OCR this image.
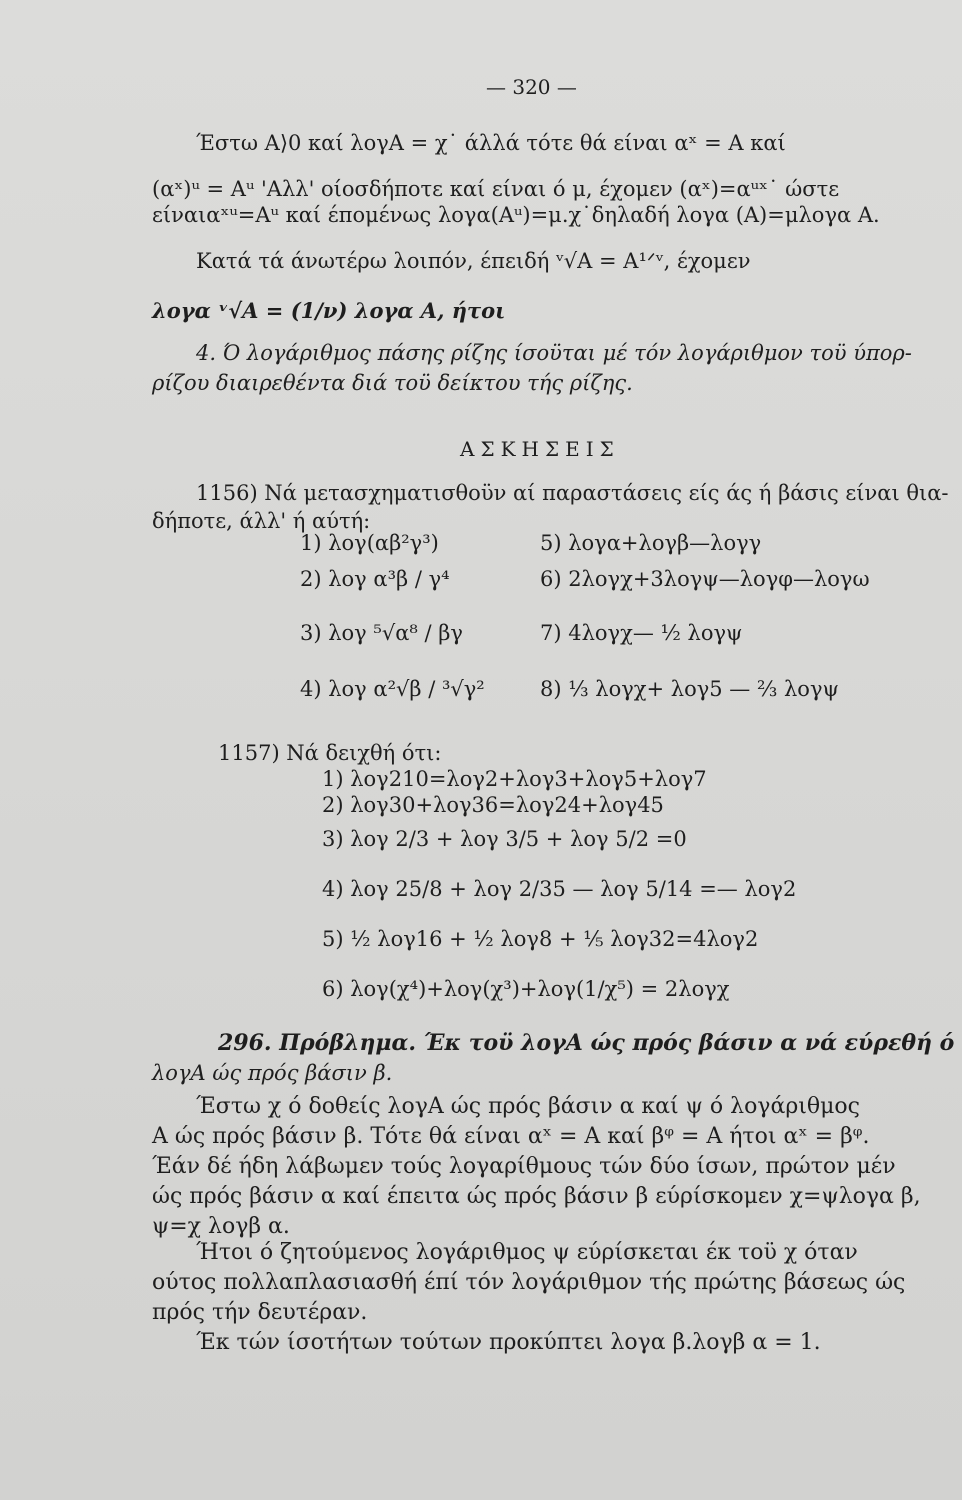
— 320 —
Έστω A⟩0 καί λογA = χ˙ άλλά τότε θά είναι αˣ = A καί
(αˣ)ᵘ = Aᵘ 'Αλλ' οίοσδήποτε καί είναι ό μ, έχομεν (αˣ)=αᵘˣ˙ ώστε
είναιαˣᵘ=Aᵘ καί έπομένως λογα(Aᵘ)=μ.χ˙δηλαδή λογα (A)=μλογα A.
Κατά τά άνωτέρω λοιπόν, έπειδή ᵛ√A = A¹ᐟᵛ, έχομεν
λογα ᵛ√A = (1/ν) λογα A, ήτοι
4. Ό λογάριθμος πάσης ρίζης ίσοϋται μέ τόν λογάριθμον τοϋ ύπορ-
ρίζου διαιρεθέντα διά τοϋ δείκτου τής ρίζης.
ΑΣΚΗΣΕΙΣ
1156) Νά μετασχηματισθοϋν αί παραστάσεις είς άς ή βάσις είναι θια-
δήποτε, άλλ' ή αύτή:
1) λογ(αβ²γ³)
2) λογ α³β / γ⁴
3) λογ ⁵√α⁸ / βγ
4) λογ α²√β / ³√γ²
5) λογα+λογβ—λογγ
6) 2λογχ+3λογψ—λογφ—λογω
7) 4λογχ— ½ λογψ
8) ⅓ λογχ+ λογ5 — ⅔ λογψ
1157) Νά δειχθή ότι:
1) λογ210=λογ2+λογ3+λογ5+λογ7
2) λογ30+λογ36=λογ24+λογ45
3) λογ 2/3 + λογ 3/5 + λογ 5/2 =0
4) λογ 25/8 + λογ 2/35 — λογ 5/14 =— λογ2
5) ½ λογ16 + ½ λογ8 + ⅕ λογ32=4λογ2
6) λογ(χ⁴)+λογ(χ³)+λογ(1/χ⁵) = 2λογχ
296. Πρόβλημα. Έκ τοϋ λογA ώς πρός βάσιν α νά εύρεθή ό
λογA ώς πρός βάσιν β.
Έστω χ ό δοθείς λογA ώς πρός βάσιν α καί ψ ό λογάριθμος
A ώς πρός βάσιν β. Τότε θά είναι αˣ = A καί βᵠ = A ήτοι αˣ = βᵠ.
Έάν δέ ήδη λάβωμεν τούς λογαρίθμους τών δύο ίσων, πρώτον μέν
ώς πρός βάσιν α καί έπειτα ώς πρός βάσιν β εύρίσκομεν χ=ψλογα β,
ψ=χ λογβ α.
Ήτοι ό ζητούμενος λογάριθμος ψ εύρίσκεται έκ τοϋ χ όταν
ούτος πολλαπλασιασθή έπί τόν λογάριθμον τής πρώτης βάσεως ώς
πρός τήν δευτέραν.
Έκ τών ίσοτήτων τούτων προκύπτει λογα β.λογβ α = 1.
